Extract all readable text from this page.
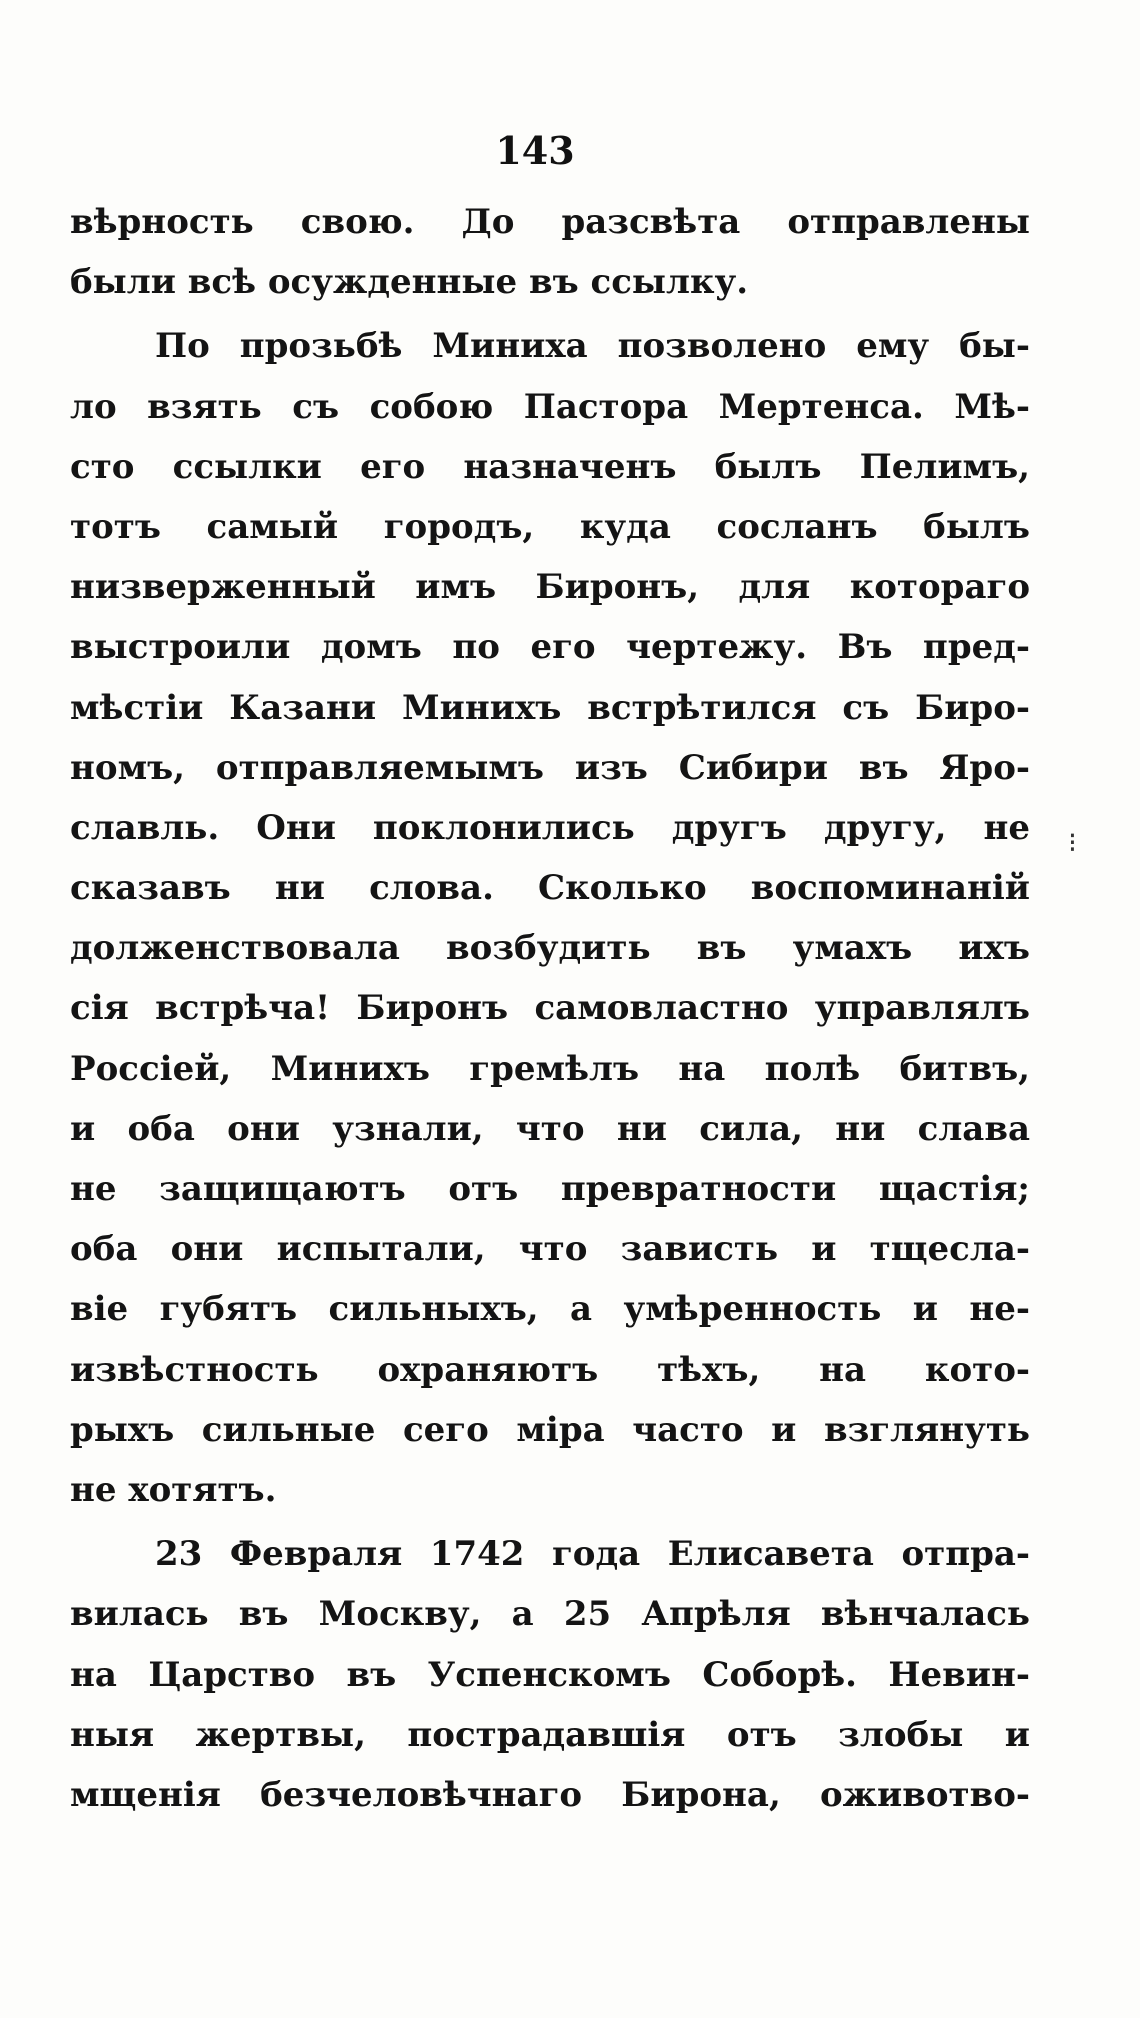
143
вѣрность свою. До разсвѣта отправлены
были всѣ осужденные въ ссылку.
По прозьбѣ Миниха позволено ему бы-
ло взять съ собою Пастора Мертенса. Мѣ-
сто ссылки его назначенъ былъ Пелимъ,
тотъ самый городъ, куда сосланъ былъ
низверженный имъ Биронъ, для котораго
выстроили домъ по его чертежу. Въ пред-
мѣстіи Казани Минихъ встрѣтился съ Биро-
номъ, отправляемымъ изъ Сибири въ Яро-
славль. Они поклонились другъ другу, не
сказавъ ни слова. Сколько воспоминаній
долженствовала возбудить въ умахъ ихъ
сія встрѣча! Биронъ самовластно управлялъ
Россіей, Минихъ гремѣлъ на полѣ битвъ,
и оба они узнали, что ни сила, ни слава
не защищаютъ отъ превратности щастія;
оба они испытали, что зависть и тщесла-
віе губятъ сильныхъ, а умѣренность и не-
извѣстность охраняютъ тѣхъ, на кото-
рыхъ сильные сего міра часто и взглянуть
не хотятъ.
23 Февраля 1742 года Елисавета отпра-
вилась въ Москву, а 25 Апрѣля вѣнчалась
на Царство въ Успенскомъ Соборѣ. Невин-
ныя жертвы, пострадавшія отъ злобы и
мщенія безчеловѣчнаго Бирона, оживотво-
⁝
